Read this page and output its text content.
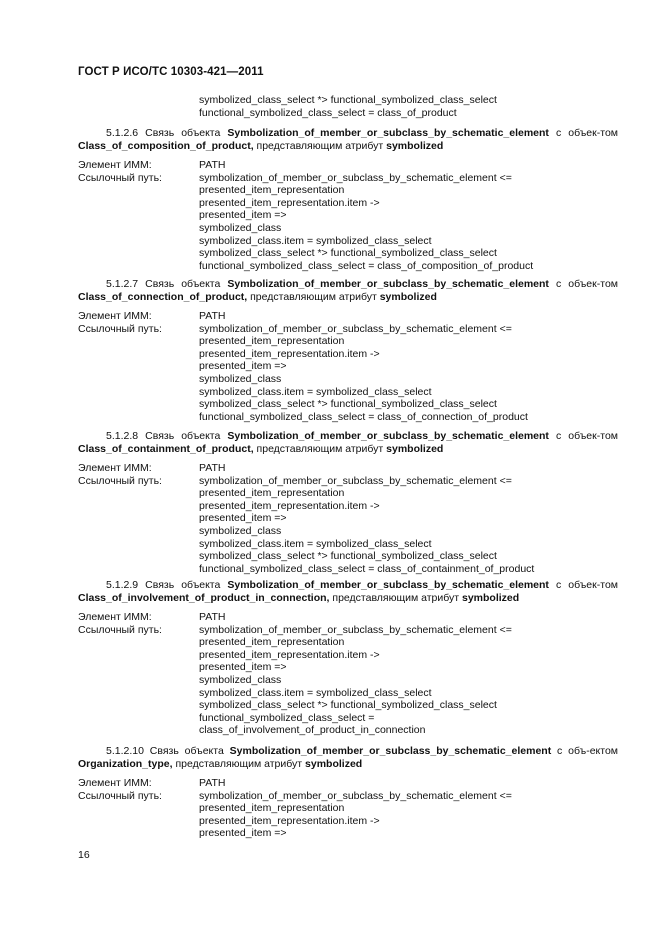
ГОСТ Р ИСО/ТС 10303-421—2011
symbolized_class_select *> functional_symbolized_class_select
functional_symbolized_class_select = class_of_product

5.1.2.6 Связь объекта Symbolization_of_member_or_subclass_by_schematic_element с объек-том Class_of_composition_of_product, представляющим атрибут symbolized

Элемент ИММ:	PATH
Ссылочный путь:	symbolization_of_member_or_subclass_by_schematic_element <=
presented_item_representation
presented_item_representation.item ->
presented_item =>
symbolized_class
symbolized_class.item = symbolized_class_select
symbolized_class_select *> functional_symbolized_class_select
functional_symbolized_class_select = class_of_composition_of_product

5.1.2.7 Связь объекта Symbolization_of_member_or_subclass_by_schematic_element с объек-том Class_of_connection_of_product, представляющим атрибут symbolized

Элемент ИММ:	PATH
Ссылочный путь:	symbolization_of_member_or_subclass_by_schematic_element <=
presented_item_representation
presented_item_representation.item ->
presented_item =>
symbolized_class
symbolized_class.item = symbolized_class_select
symbolized_class_select *> functional_symbolized_class_select
functional_symbolized_class_select = class_of_connection_of_product

5.1.2.8 Связь объекта Symbolization_of_member_or_subclass_by_schematic_element с объек-том Class_of_containment_of_product, представляющим атрибут symbolized

Элемент ИММ:	PATH
Ссылочный путь:	symbolization_of_member_or_subclass_by_schematic_element <=
presented_item_representation
presented_item_representation.item ->
presented_item =>
symbolized_class
symbolized_class.item = symbolized_class_select
symbolized_class_select *> functional_symbolized_class_select
functional_symbolized_class_select = class_of_containment_of_product

5.1.2.9 Связь объекта Symbolization_of_member_or_subclass_by_schematic_element с объек-том Class_of_involvement_of_product_in_connection, представляющим атрибут symbolized

Элемент ИММ:	PATH
Ссылочный путь:	symbolization_of_member_or_subclass_by_schematic_element <=
presented_item_representation
presented_item_representation.item ->
presented_item =>
symbolized_class
symbolized_class.item = symbolized_class_select
symbolized_class_select *> functional_symbolized_class_select
functional_symbolized_class_select =
class_of_involvement_of_product_in_connection

5.1.2.10 Связь объекта Symbolization_of_member_or_subclass_by_schematic_element с объ-ектом Organization_type, представляющим атрибут symbolized

Элемент ИММ:	PATH
Ссылочный путь:	symbolization_of_member_or_subclass_by_schematic_element <=
presented_item_representation
presented_item_representation.item ->
presented_item =>
16
